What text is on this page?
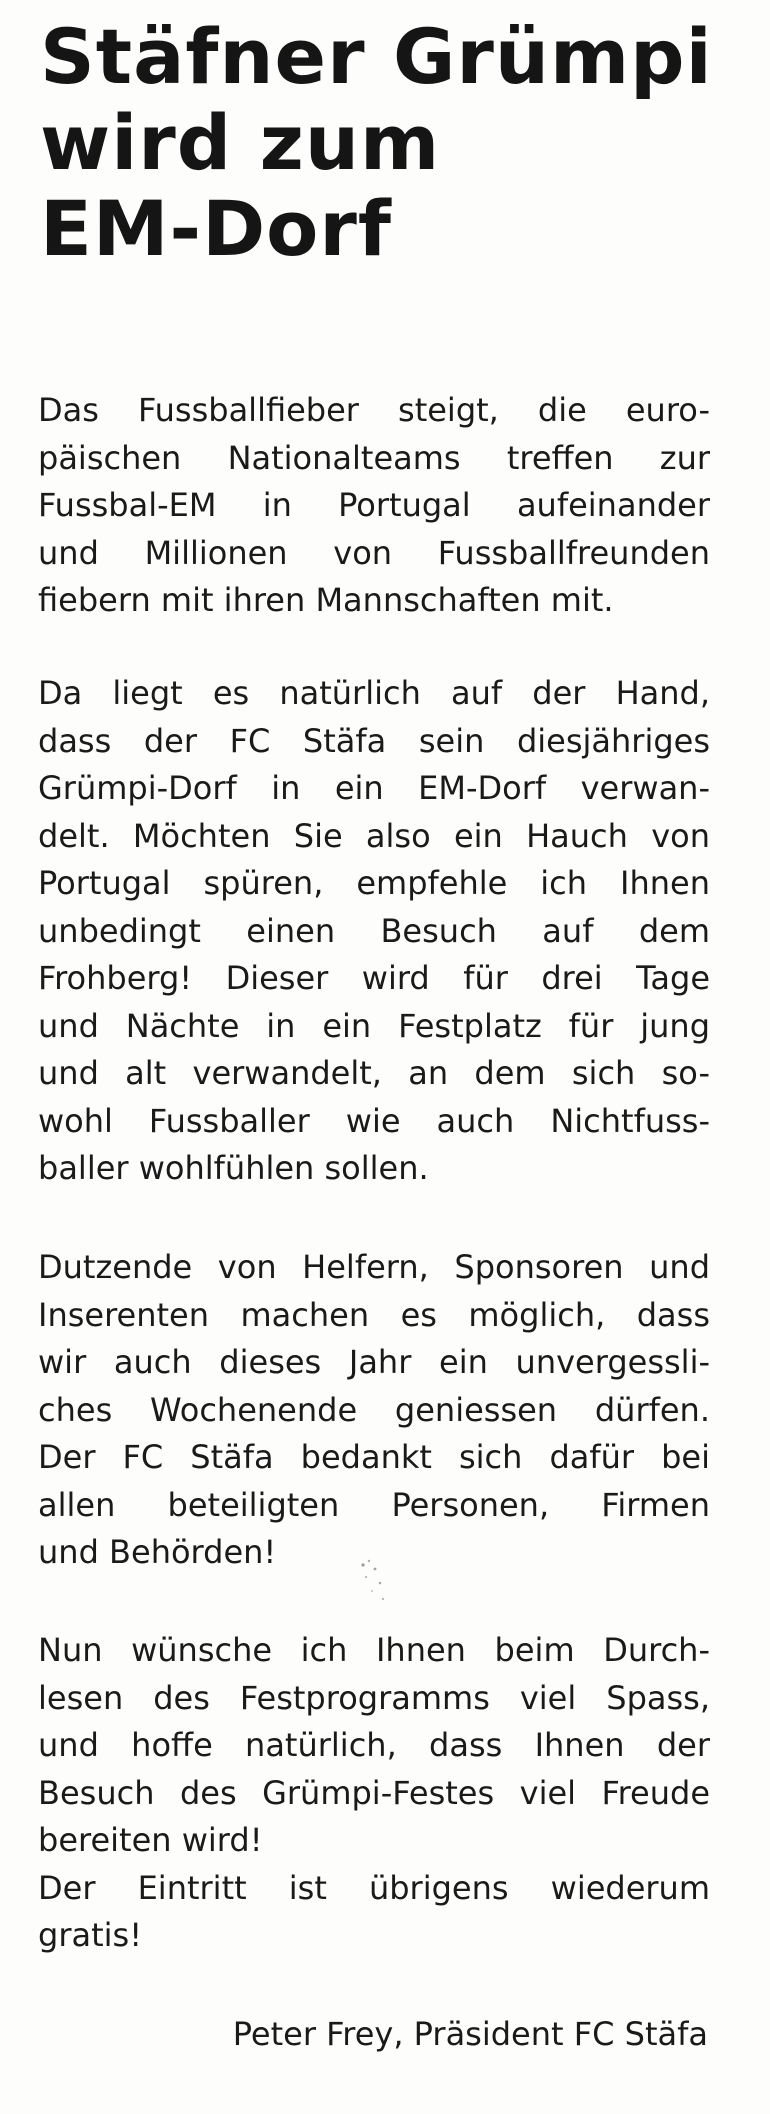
Stäfner Grümpi
wird zum
EM-Dorf

Das Fussballfieber steigt, die euro-
päischen Nationalteams treffen zur
Fussbal-EM in Portugal aufeinander
und Millionen von Fussballfreunden
fiebern mit ihren Mannschaften mit.

Da liegt es natürlich auf der Hand,
dass der FC Stäfa sein diesjähriges
Grümpi-Dorf in ein EM-Dorf verwan-
delt. Möchten Sie also ein Hauch von
Portugal spüren, empfehle ich Ihnen
unbedingt einen Besuch auf dem
Frohberg! Dieser wird für drei Tage
und Nächte in ein Festplatz für jung
und alt verwandelt, an dem sich so-
wohl Fussballer wie auch Nichtfuss-
baller wohlfühlen sollen.

Dutzende von Helfern, Sponsoren und
Inserenten machen es möglich, dass
wir auch dieses Jahr ein unvergessli-
ches Wochenende geniessen dürfen.
Der FC Stäfa bedankt sich dafür bei
allen beteiligten Personen, Firmen
und Behörden!

Nun wünsche ich Ihnen beim Durch-
lesen des Festprogramms viel Spass,
und hoffe natürlich, dass Ihnen der
Besuch des Grümpi-Festes viel Freude
bereiten wird!
Der Eintritt ist übrigens wiederum
gratis!

Peter Frey, Präsident FC Stäfa
